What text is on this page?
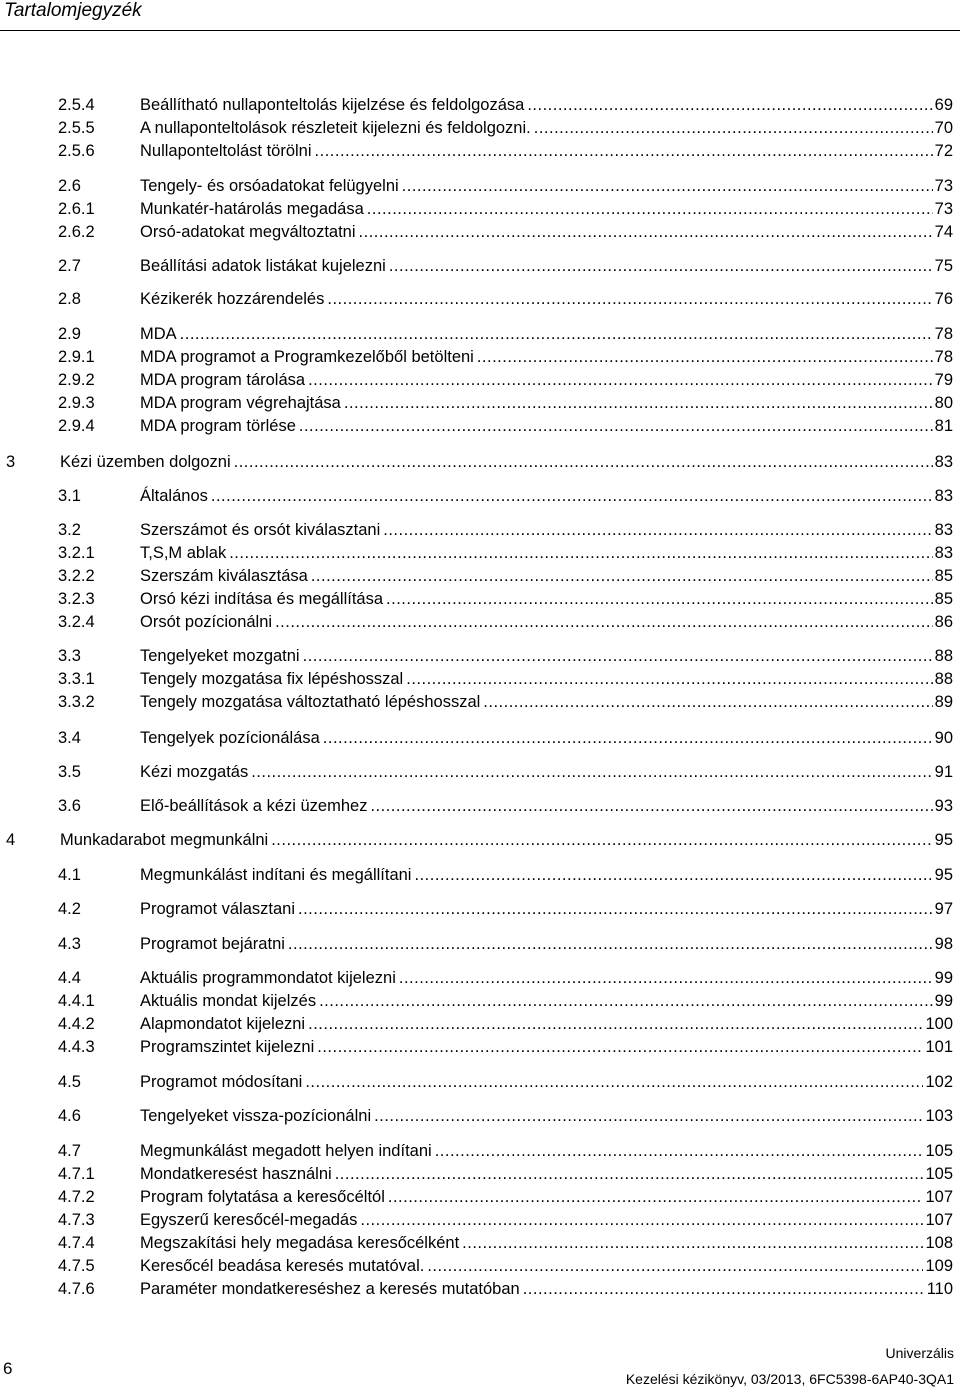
Tartalomjegyzék
2.5.4	Beállítható nullaponteltolás kijelzése és feldolgozása .....	69
2.5.5	A nullaponteltolások részleteit kijelezni és feldolgozni. .....	70
2.5.6	Nullaponteltolást törölni .....	72
2.6	Tengely- és orsóadatokat felügyelni .....	73
2.6.1	Munkatér-határolás megadása .....	73
2.6.2	Orsó-adatokat megváltoztatni .....	74
2.7	Beállítási adatok listákat kujelezni .....	75
2.8	Kézikerék hozzárendelés .....	76
2.9	MDA .....	78
2.9.1	MDA programot a Programkezelőből betölteni .....	78
2.9.2	MDA program tárolása .....	79
2.9.3	MDA program végrehajtása .....	80
2.9.4	MDA program törlése .....	81
3	Kézi üzemben dolgozni .....	83
3.1	Általános .....	83
3.2	Szerszámot és orsót kiválasztani .....	83
3.2.1	T,S,M ablak .....	83
3.2.2	Szerszám kiválasztása .....	85
3.2.3	Orsó kézi indítása és megállítása .....	85
3.2.4	Orsót pozícionálni .....	86
3.3	Tengelyeket mozgatni .....	88
3.3.1	Tengely mozgatása fix lépéshosszal .....	88
3.3.2	Tengely mozgatása változtatható lépéshosszal .....	89
3.4	Tengelyek pozícionálása .....	90
3.5	Kézi mozgatás .....	91
3.6	Elő-beállítások a kézi üzemhez .....	93
4	Munkadarabot megmunkálni .....	95
4.1	Megmunkálást indítani és megállítani .....	95
4.2	Programot választani .....	97
4.3	Programot bejáratni .....	98
4.4	Aktuális programmondatot kijelezni .....	99
4.4.1	Aktuális mondat kijelzés .....	99
4.4.2	Alapmondatot kijelezni .....	100
4.4.3	Programszintet kijelezni .....	101
4.5	Programot módosítani .....	102
4.6	Tengelyeket vissza-pozícionálni .....	103
4.7	Megmunkálást megadott helyen indítani .....	105
4.7.1	Mondatkeresést használni .....	105
4.7.2	Program folytatása a keresőcéltól .....	107
4.7.3	Egyszerű keresőcél-megadás .....	107
4.7.4	Megszakítási hely megadása keresőcélként .....	108
4.7.5	Keresőcél beadása keresés mutatóval. .....	109
4.7.6	Paraméter mondatkereséshez a keresés mutatóban .....	110
6
Univerzális
Kezelési kézikönyv, 03/2013, 6FC5398-6AP40-3QA1
